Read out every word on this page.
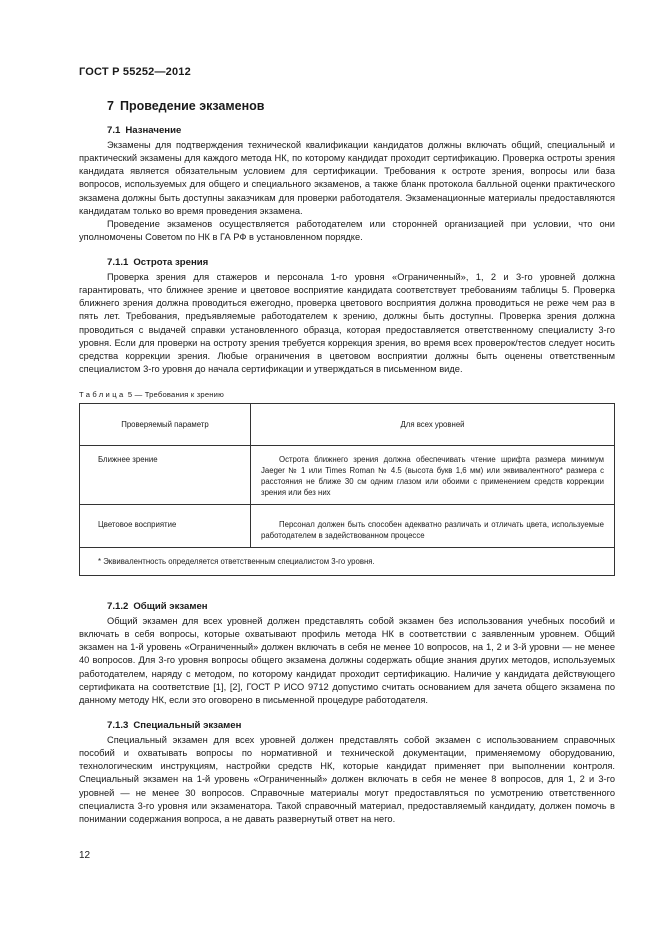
ГОСТ Р 55252—2012
7 Проведение экзаменов
7.1 Назначение

Экзамены для подтверждения технической квалификации кандидатов должны включать общий, специальный и практический экзамены для каждого метода НК, по которому кандидат проходит сертификацию. Проверка остроты зрения кандидата является обязательным условием для сертификации. Требования к остроте зрения, вопросы или база вопросов, используемых для общего и специального экзаменов, а также бланк протокола балльной оценки практического экзамена должны быть доступны заказчикам для проверки работодателя. Экзаменационные материалы предоставляются кандидатам только во время проведения экзамена.

Проведение экзаменов осуществляется работодателем или сторонней организацией при условии, что они уполномочены Советом по НК в ГА РФ в установленном порядке.

7.1.1 Острота зрения

Проверка зрения для стажеров и персонала 1-го уровня «Ограниченный», 1, 2 и 3-го уровней должна гарантировать, что ближнее зрение и цветовое восприятие кандидата соответствует требованиям таблицы 5. Проверка ближнего зрения должна проводиться ежегодно, проверка цветового восприятия должна проводиться не реже чем раз в пять лет. Требования, предъявляемые работодателем к зрению, должны быть доступны. Проверка зрения должна проводиться с выдачей справки установленного образца, которая предоставляется ответственному специалисту 3-го уровня. Если для проверки на остроту зрения требуется коррекция зрения, во время всех проверок/тестов следует носить средства коррекции зрения. Любые ограничения в цветовом восприятии должны быть оценены ответственным специалистом 3-го уровня до начала сертификации и утверждаться в письменном виде.

Таблица 5 — Требования к зрению
Проверяемый параметр	Для всех уровней
Ближнее зрение	Острота ближнего зрения должна обеспечивать чтение шрифта размера минимум Jaeger № 1 или Times Roman № 4.5 (высота букв 1,6 мм) или эквивалентного* размера с расстояния не ближе 30 см одним глазом или обоими с применением средств коррекции зрения или без них
Цветовое восприятие	Персонал должен быть способен адекватно различать и отличать цвета, используемые работодателем в задействованном процессе
* Эквивалентность определяется ответственным специалистом 3-го уровня.	
7.1.2 Общий экзамен

Общий экзамен для всех уровней должен представлять собой экзамен без использования учебных пособий и включать в себя вопросы, которые охватывают профиль метода НК в соответствии с заявленным уровнем. Общий экзамен на 1-й уровень «Ограниченный» должен включать в себя не менее 10 вопросов, на 1, 2 и 3-й уровни — не менее 40 вопросов. Для 3-го уровня вопросы общего экзамена должны содержать общие знания других методов, используемых работодателем, наряду с методом, по которому кандидат проходит сертификацию. Наличие у кандидата действующего сертификата на соответствие [1], [2], ГОСТ Р ИСО 9712 допустимо считать основанием для зачета общего экзамена по данному методу НК, если это оговорено в письменной процедуре работодателя.

7.1.3 Специальный экзамен

Специальный экзамен для всех уровней должен представлять собой экзамен с использованием справочных пособий и охватывать вопросы по нормативной и технической документации, применяемому оборудованию, технологическим инструкциям, настройки средств НК, которые кандидат применяет при выполнении контроля. Специальный экзамен на 1-й уровень «Ограниченный» должен включать в себя не менее 8 вопросов, для 1, 2 и 3-го уровней — не менее 30 вопросов. Справочные материалы могут предоставляться по усмотрению ответственного специалиста 3-го уровня или экзаменатора. Такой справочный материал, предоставляемый кандидату, должен помочь в понимании содержания вопроса, а не давать развернутый ответ на него.

12
